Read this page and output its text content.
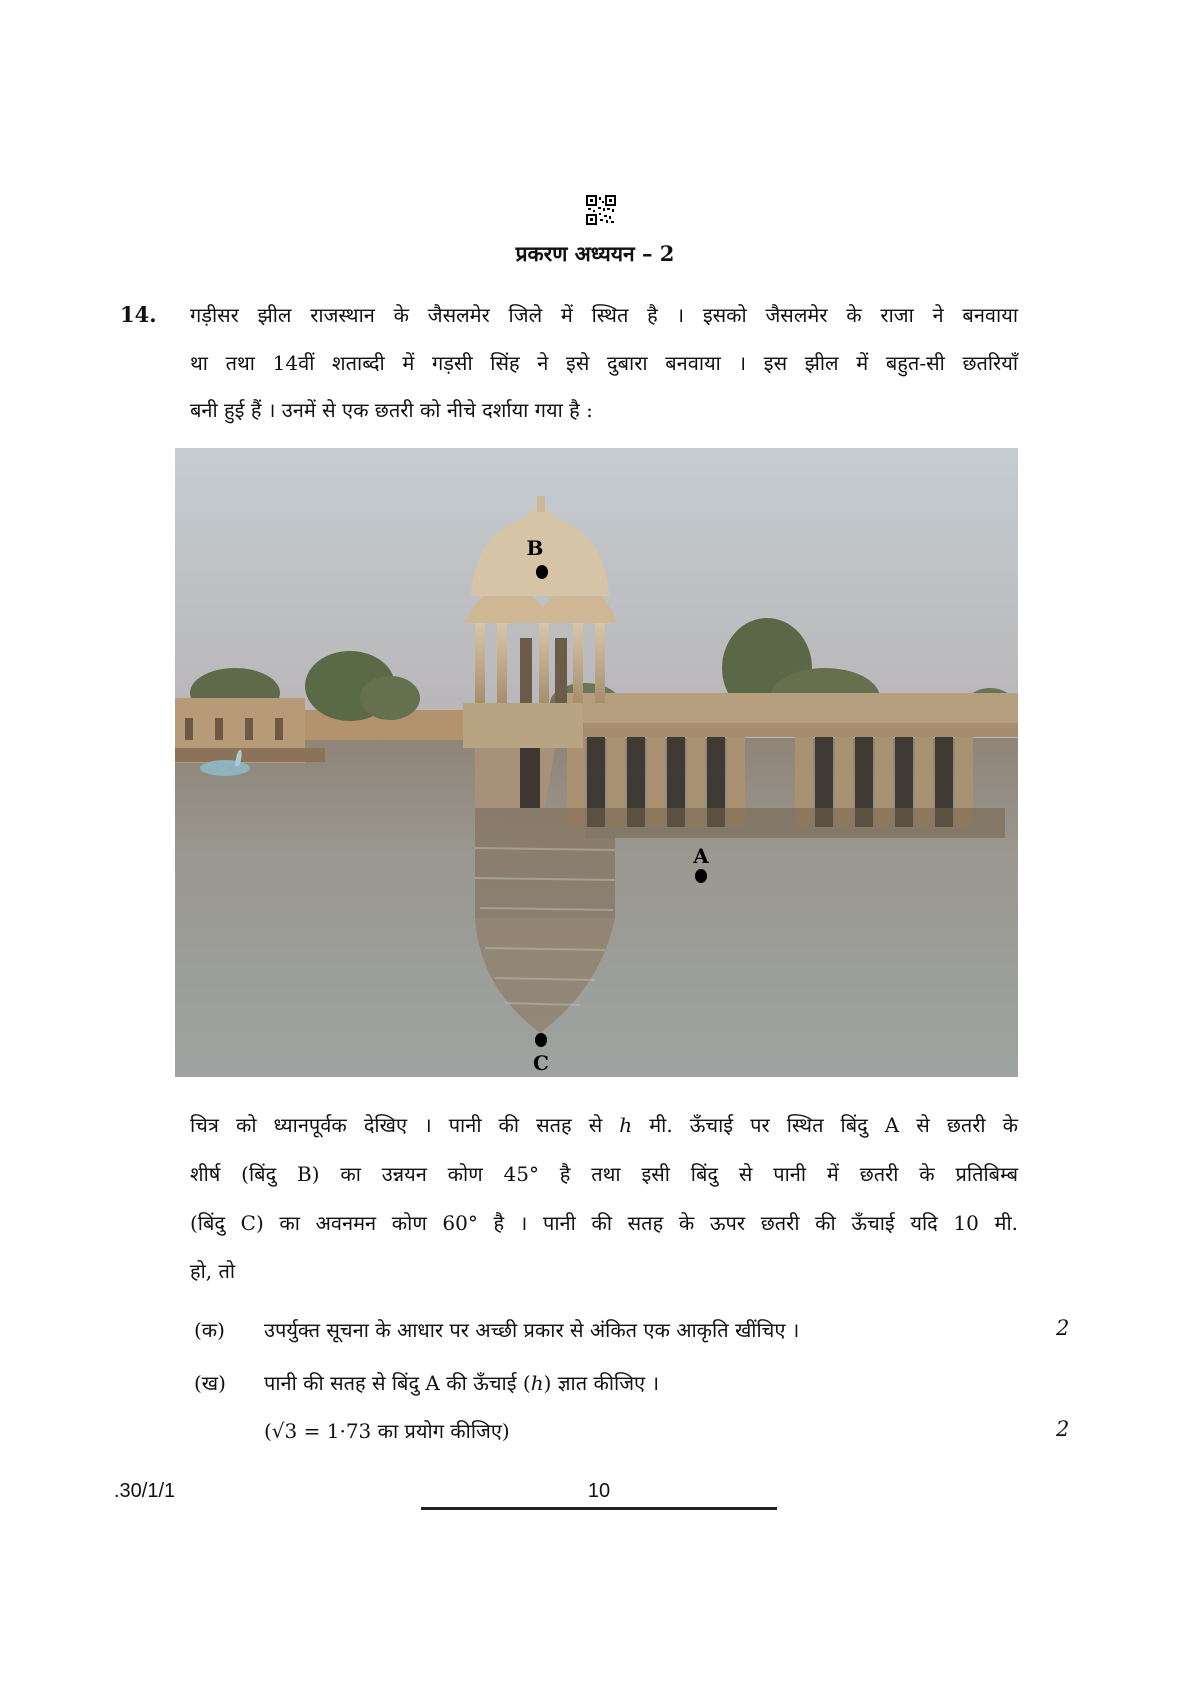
प्रकरण अध्ययन – 2
14. गड़ीसर झील राजस्थान के जैसलमेर जिले में स्थित है । इसको जैसलमेर के राजा ने बनवाया
था तथा 14वीं शताब्दी में गड़सी सिंह ने इसे दुबारा बनवाया । इस झील में बहुत-सी छतरियाँ
बनी हुई हैं । उनमें से एक छतरी को नीचे दर्शाया गया है :
B
A
C
चित्र को ध्यानपूर्वक देखिए । पानी की सतह से h मी. ऊँचाई पर स्थित बिंदु A से छतरी के
शीर्ष (बिंदु B) का उन्नयन कोण 45° है तथा इसी बिंदु से पानी में छतरी के प्रतिबिम्ब
(बिंदु C) का अवनमन कोण 60° है । पानी की सतह के ऊपर छतरी की ऊँचाई यदि 10 मी.
हो, तो
(क) उपर्युक्त सूचना के आधार पर अच्छी प्रकार से अंकित एक आकृति खींचिए ।	2
(ख) पानी की सतह से बिंदु A की ऊँचाई (h) ज्ञात कीजिए ।
(√3 = 1·73 का प्रयोग कीजिए)	2
.30/1/1	10
